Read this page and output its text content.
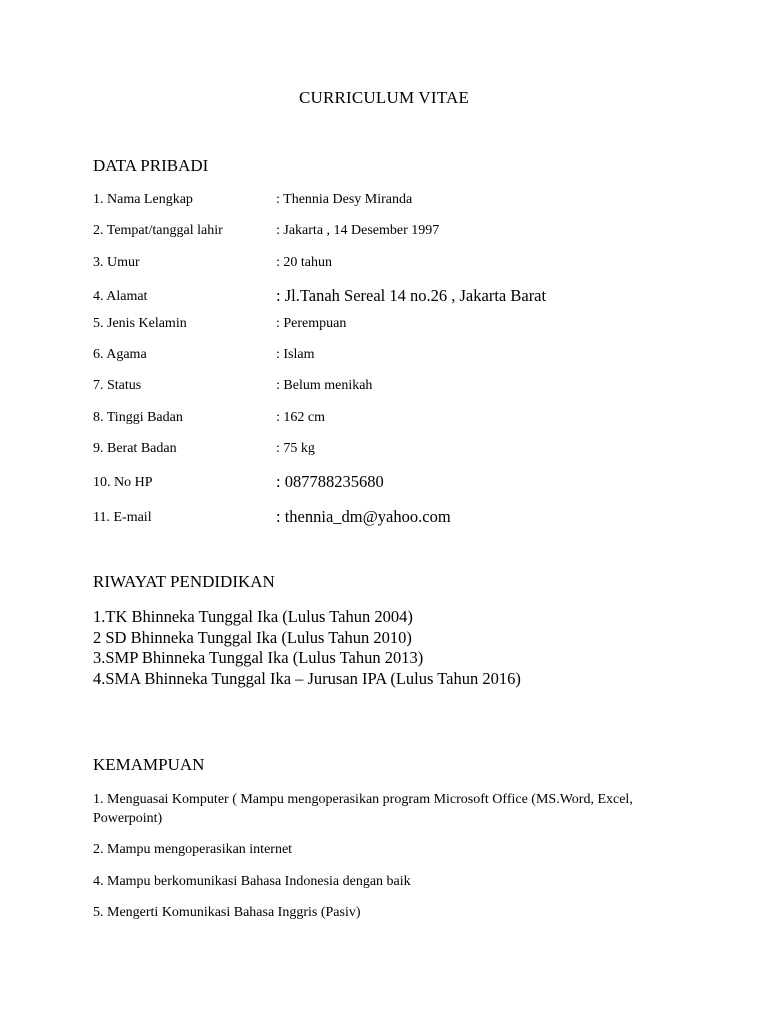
CURRICULUM VITAE
DATA PRIBADI
1. Nama Lengkap	: Thennia Desy Miranda
2. Tempat/tanggal lahir	: Jakarta , 14 Desember 1997
3. Umur	: 20 tahun
4. Alamat	: Jl.Tanah Sereal 14 no.26 , Jakarta Barat
5. Jenis Kelamin	: Perempuan
6. Agama	: Islam
7. Status	: Belum menikah
8. Tinggi Badan	: 162 cm
9. Berat Badan	: 75 kg
10. No HP	: 087788235680
11. E-mail	: thennia_dm@yahoo.com
RIWAYAT PENDIDIKAN
1.TK Bhinneka Tunggal Ika (Lulus Tahun 2004)
2 SD Bhinneka Tunggal Ika (Lulus Tahun 2010)
3.SMP Bhinneka Tunggal Ika (Lulus Tahun 2013)
4.SMA Bhinneka Tunggal Ika – Jurusan IPA (Lulus Tahun 2016)
KEMAMPUAN
1. Menguasai Komputer ( Mampu mengoperasikan program Microsoft Office (MS.Word, Excel, Powerpoint)
2. Mampu mengoperasikan internet
4. Mampu berkomunikasi Bahasa Indonesia dengan baik
5. Mengerti Komunikasi Bahasa Inggris (Pasiv)
